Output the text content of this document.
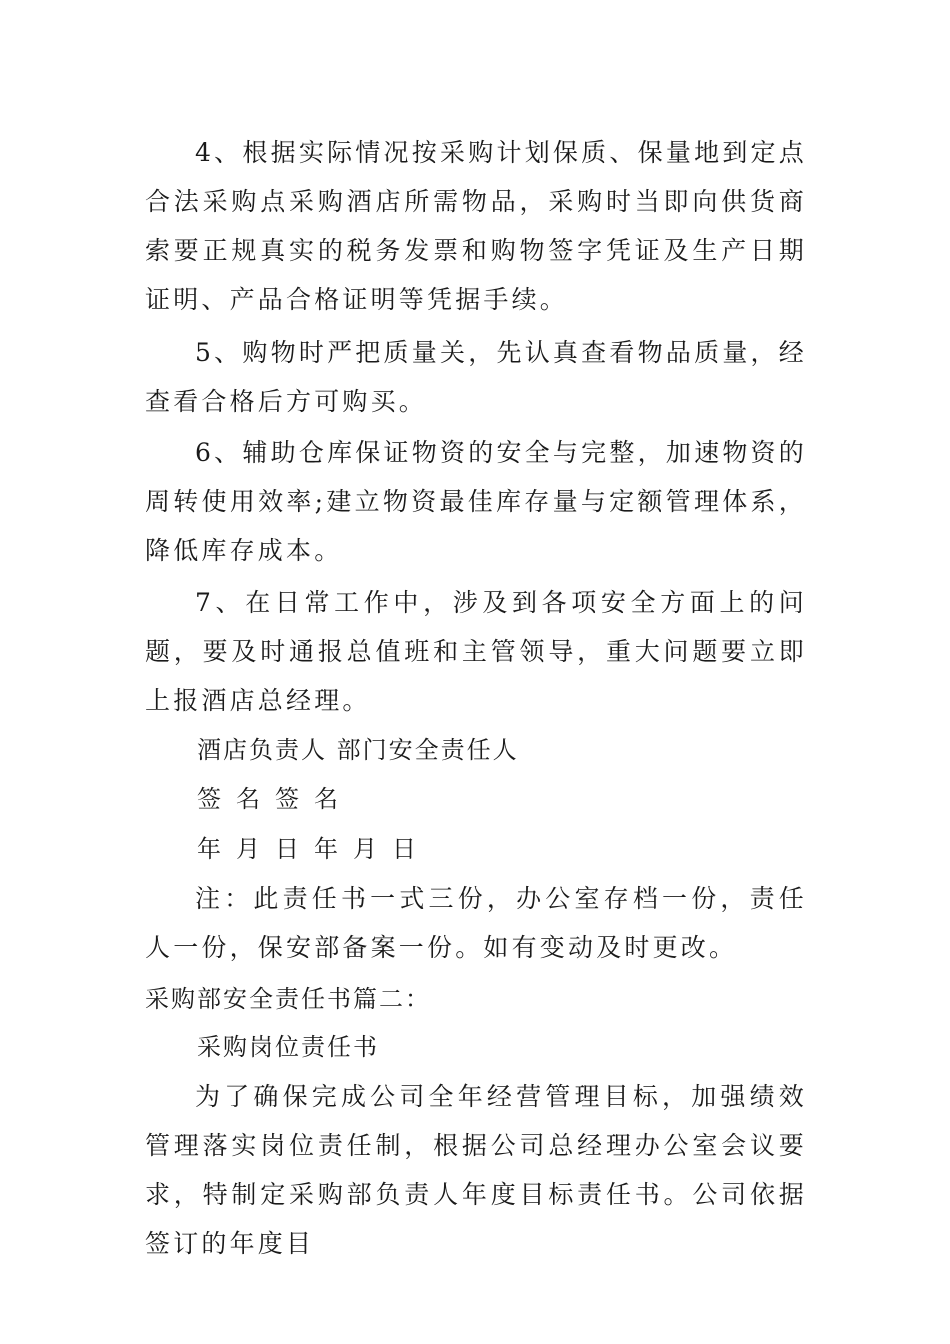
4、根据实际情况按采购计划保质、保量地到定点合法采购点采购酒店所需物品，采购时当即向供货商索要正规真实的税务发票和购物签字凭证及生产日期证明、产品合格证明等凭据手续。

5、购物时严把质量关，先认真查看物品质量，经查看合格后方可购买。

6、辅助仓库保证物资的安全与完整，加速物资的周转使用效率;建立物资最佳库存量与定额管理体系，降低库存成本。

7、在日常工作中，涉及到各项安全方面上的问题，要及时通报总值班和主管领导，重大问题要立即上报酒店总经理。

酒店负责人 部门安全责任人

签名签名

年月日年月日

注：此责任书一式三份，办公室存档一份，责任人一份，保安部备案一份。如有变动及时更改。

采购部安全责任书篇二：

采购岗位责任书

为了确保完成公司全年经营管理目标，加强绩效管理落实岗位责任制，根据公司总经理办公室会议要求，特制定采购部负责人年度目标责任书。公司依据签订的年度目
